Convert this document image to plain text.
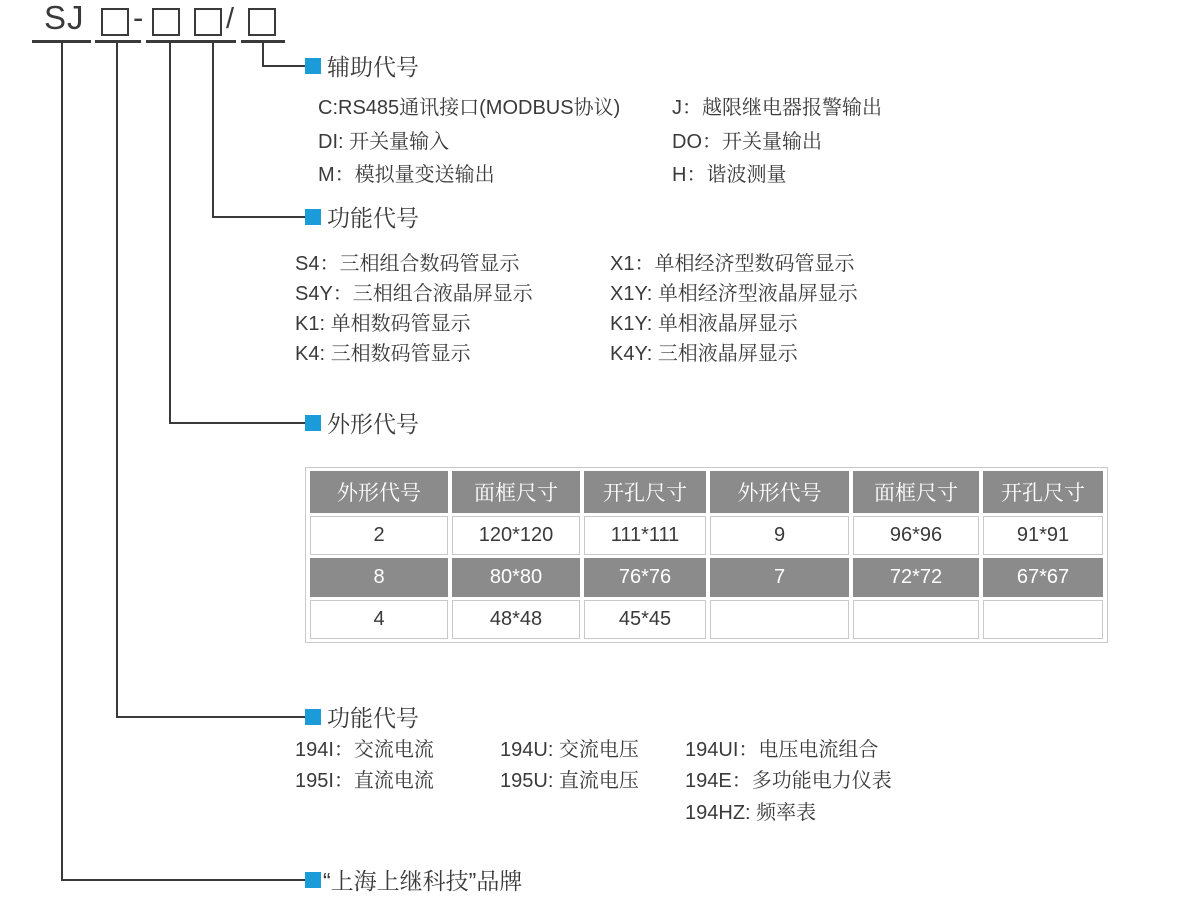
SJ -	/
辅助代号
C:RS485通讯接口(MODBUS协议)	J：越限继电器报警输出
DI: 开关量输入	DO：开关量输出
M：模拟量变送输出	H：谐波测量
功能代号
S4：三相组合数码管显示	X1：单相经济型数码管显示
S4Y：三相组合液晶屏显示	X1Y: 单相经济型液晶屏显示
K1: 单相数码管显示	K1Y: 单相液晶屏显示
K4: 三相数码管显示	K4Y: 三相液晶屏显示
外形代号
外形代号	面框尺寸	开孔尺寸	外形代号	面框尺寸	开孔尺寸
2	120*120	111*111	9	96*96	91*91
8	80*80	76*76	7	72*72	67*67
4	48*48	45*45			
功能代号
194I：交流电流	194U: 交流电压 194UI：电压电流组合
195I：直流电流	195U: 直流电压 194E：多功能电力仪表
194HZ: 频率表
“上海上继科技”品牌
